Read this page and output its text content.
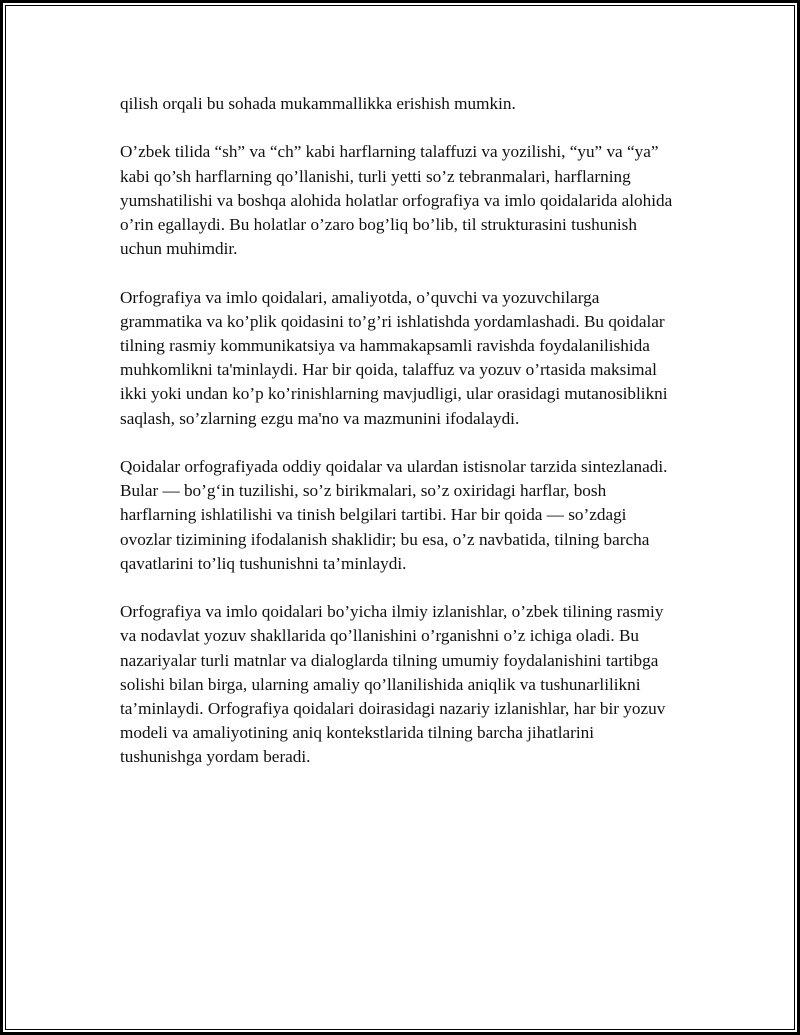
qilish orqali bu sohada mukammallikka erishish mumkin.

O’zbek tilida “sh” va “ch” kabi harflarning talaffuzi va yozilishi, “yu” va “ya” kabi qo’sh harflarning qo’llanishi, turli yetti so’z tebranmalari, harflarning yumshatilishi va boshqa alohida holatlar orfografiya va imlo qoidalarida alohida o’rin egallaydi. Bu holatlar o’zaro bog’liq bo’lib, til strukturasini tushunish uchun muhimdir.

Orfografiya va imlo qoidalari, amaliyotda, o’quvchi va yozuvchilarga grammatika va ko’plik qoidasini to’g’ri ishlatishda yordamlashadi. Bu qoidalar tilning rasmiy kommunikatsiya va hammakapsamli ravishda foydalanilishida muhkomlikni ta'minlaydi. Har bir qoida, talaffuz va yozuv o’rtasida maksimal ikki yoki undan ko’p ko’rinishlarning mavjudligi, ular orasidagi mutanosiblikni saqlash, so’zlarning ezgu ma'no va mazmunini ifodalaydi.

Qoidalar orfografiyada oddiy qoidalar va ulardan istisnolar tarzida sintezlanadi. Bular — bo’g‘in tuzilishi, so’z birikmalari, so’z oxiridagi harflar, bosh harflarning ishlatilishi va tinish belgilari tartibi. Har bir qoida — so’zdagi ovozlar tizimining ifodalanish shaklidir; bu esa, o’z navbatida, tilning barcha qavatlarini to’liq tushunishni ta’minlaydi.

Orfografiya va imlo qoidalari bo’yicha ilmiy izlanishlar, o’zbek tilining rasmiy va nodavlat yozuv shakllarida qo’llanishini o’rganishni o’z ichiga oladi. Bu nazariyalar turli matnlar va dialoglarda tilning umumiy foydalanishini tartibga solishi bilan birga, ularning amaliy qo’llanilishida aniqlik va tushunarlilikni ta’minlaydi. Orfografiya qoidalari doirasidagi nazariy izlanishlar, har bir yozuv modeli va amaliyotining aniq kontekstlarida tilning barcha jihatlarini tushunishga yordam beradi.
